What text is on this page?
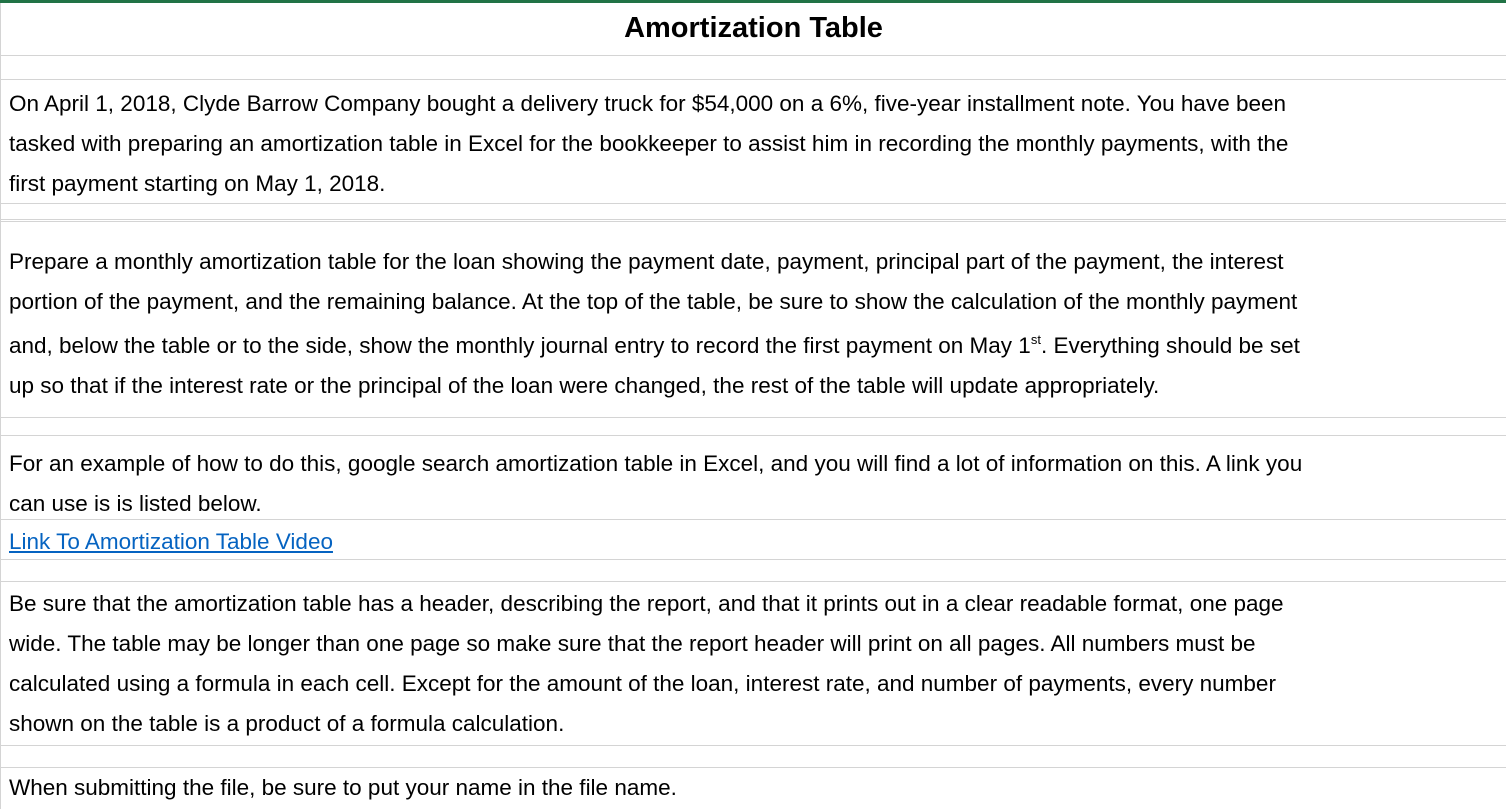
Amortization Table
On April 1, 2018, Clyde Barrow Company bought a delivery truck for $54,000 on a 6%, five-year installment note. You have been
tasked with preparing an amortization table in Excel for the bookkeeper to assist him in recording the monthly payments, with the
first payment starting on May 1, 2018.
Prepare a monthly amortization table for the loan showing the payment date, payment, principal part of the payment, the interest
portion of the payment, and the remaining balance. At the top of the table, be sure to show the calculation of the monthly payment
and, below the table or to the side, show the monthly journal entry to record the first payment on May 1st. Everything should be set
up so that if the interest rate or the principal of the loan were changed, the rest of the table will update appropriately.
For an example of how to do this, google search amortization table in Excel, and you will find a lot of information on this. A link you
can use is is listed below.
Link To Amortization Table Video
Be sure that the amortization table has a header, describing the report, and that it prints out in a clear readable format, one page
wide. The table may be longer than one page so make sure that the report header will print on all pages. All numbers must be
calculated using a formula in each cell. Except for the amount of the loan, interest rate, and number of payments, every number
shown on the table is a product of a formula calculation.
When submitting the file, be sure to put your name in the file name.
